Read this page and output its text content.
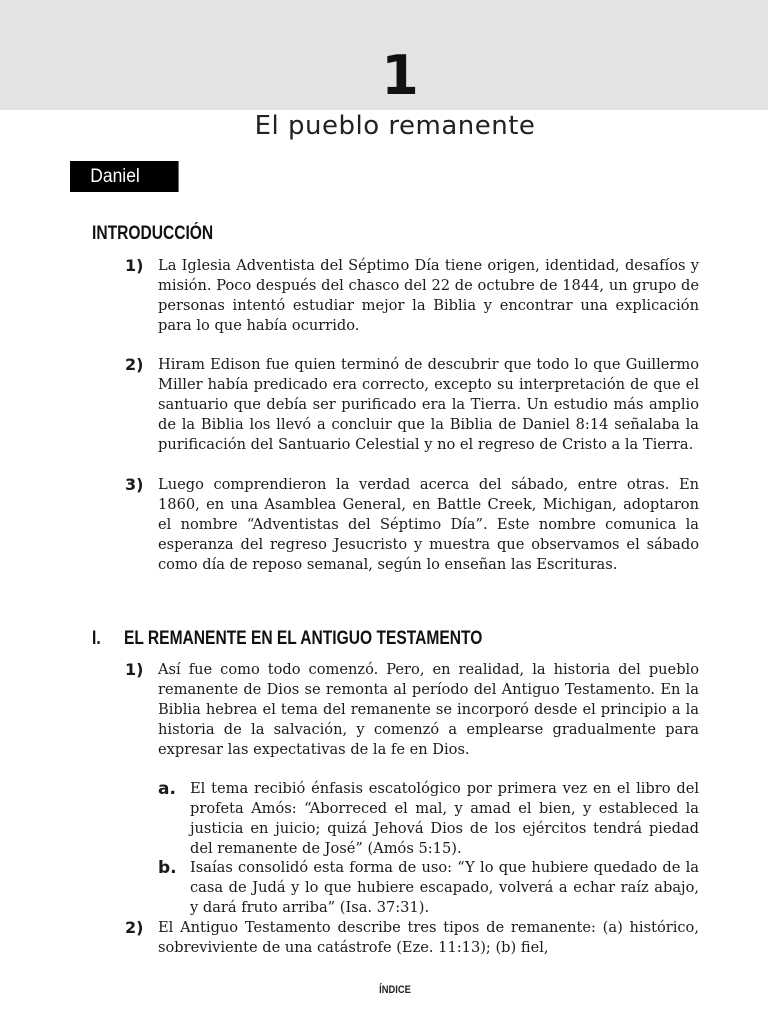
1
El pueblo remanente
Daniel 8:14
INTRODUCCIÓN
1) La Iglesia Adventista del Séptimo Día tiene origen, identidad, desafíos y misión. Poco después del chasco del 22 de octubre de 1844, un grupo de personas intentó estudiar mejor la Biblia y encontrar una explicación para lo que había ocurrido.
2) Hiram Edison fue quien terminó de descubrir que todo lo que Guillermo Miller había predicado era correcto, excepto su interpretación de que el santuario que debía ser purificado era la Tierra. Un estudio más amplio de la Biblia los llevó a concluir que la Biblia de Daniel 8:14 señalaba la purificación del Santuario Celestial y no el regreso de Cristo a la Tierra.
3) Luego comprendieron la verdad acerca del sábado, entre otras. En 1860, en una Asamblea General, en Battle Creek, Michigan, adoptaron el nombre “Adventistas del Séptimo Día”. Este nombre comunica la esperanza del regreso Jesucristo y muestra que observamos el sábado como día de reposo semanal, según lo enseñan las Escrituras.
I. EL REMANENTE EN EL ANTIGUO TESTAMENTO
1) Así fue como todo comenzó. Pero, en realidad, la historia del pueblo remanente de Dios se remonta al período del Antiguo Testamento. En la Biblia hebrea el tema del remanente se incorporó desde el principio a la historia de la salvación, y comenzó a emplearse gradualmente para expresar las expectativas de la fe en Dios.
a. El tema recibió énfasis escatológico por primera vez en el libro del profeta Amós: “Aborreced el mal, y amad el bien, y estableced la justicia en juicio; quizá Jehová Dios de los ejércitos tendrá piedad del remanente de José” (Amós 5:15).
b. Isaías consolidó esta forma de uso: “Y lo que hubiere quedado de la casa de Judá y lo que hubiere escapado, volverá a echar raíz abajo, y dará fruto arriba” (Isa. 37:31).
2) El Antiguo Testamento describe tres tipos de remanente: (a) histórico, sobreviviente de una catástrofe (Eze. 11:13); (b) fiel,
ÍNDICE
